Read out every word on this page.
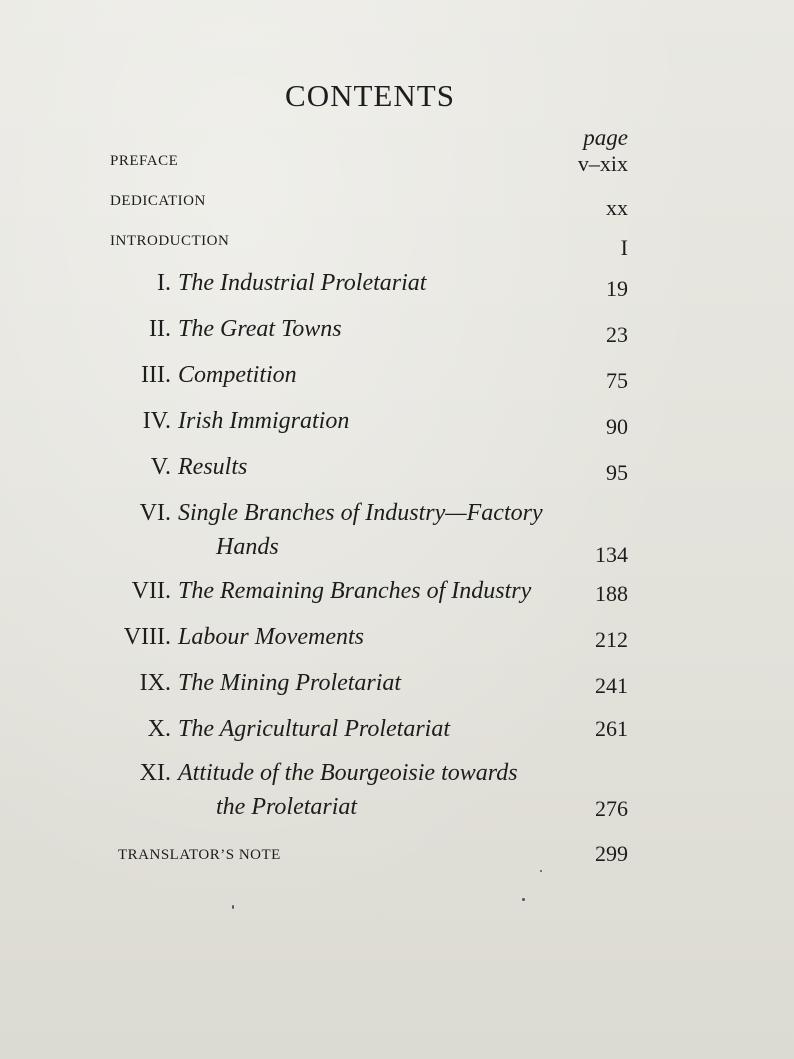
CONTENTS
page
PREFACE	v–xix
DEDICATION	xx
INTRODUCTION	I
I. The Industrial Proletariat	19
II. The Great Towns	23
III. Competition	75
IV. Irish Immigration	90
V. Results	95
VI. Single Branches of Industry—Factory
Hands	134
VII. The Remaining Branches of Industry	188
VIII. Labour Movements	212
IX. The Mining Proletariat	241
X. The Agricultural Proletariat	261
XI. Attitude of the Bourgeoisie towards
the Proletariat	276
TRANSLATOR’S NOTE	299
